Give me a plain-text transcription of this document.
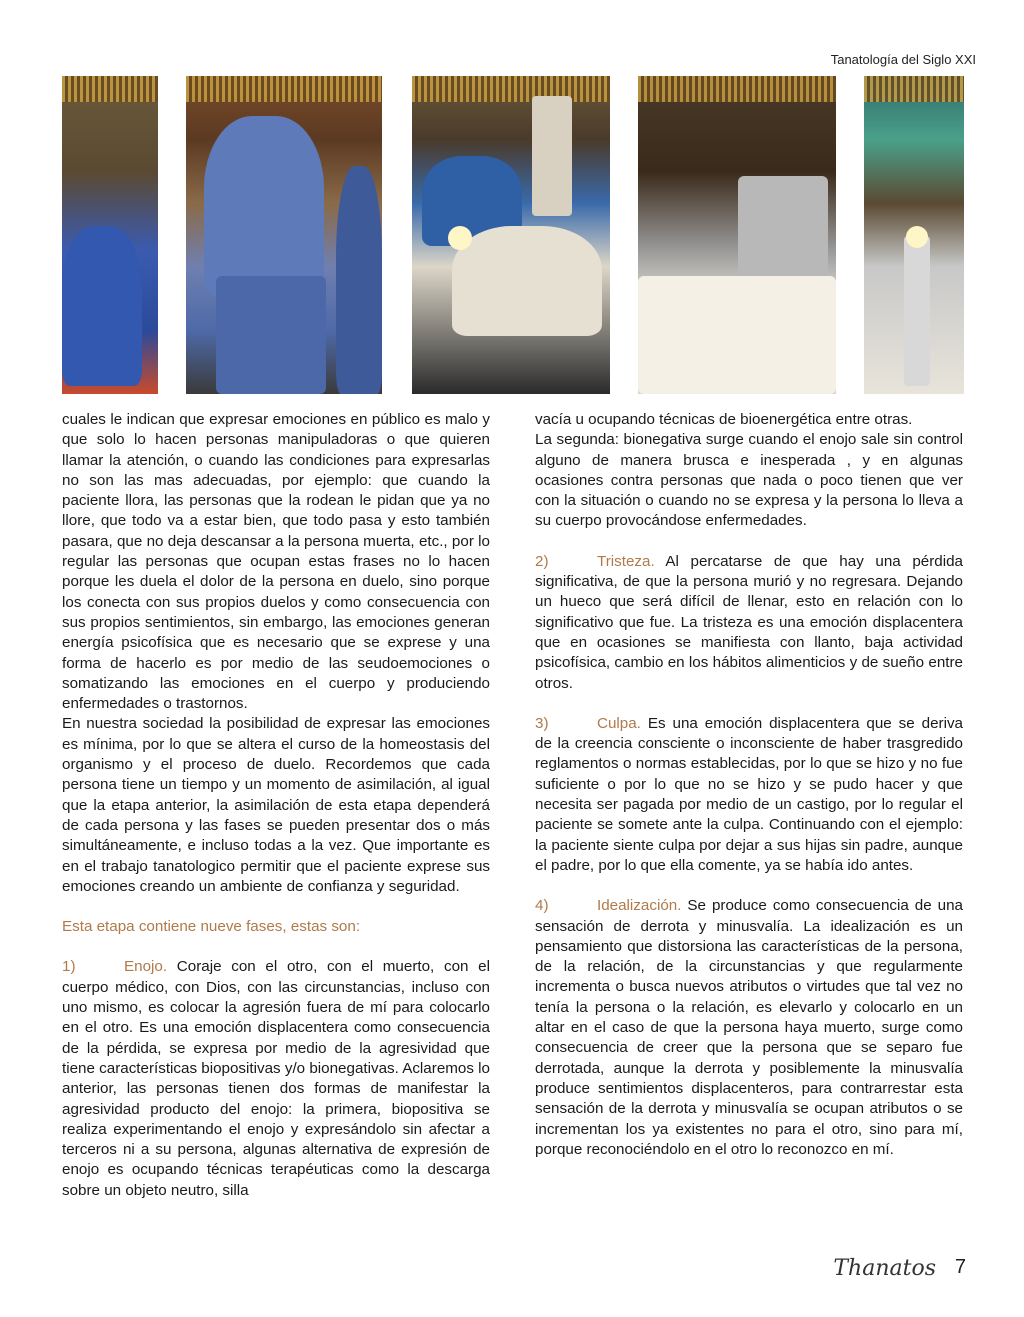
Tanatología del Siglo XXI

cuales le indican que expresar emociones en público es malo y que solo lo hacen personas manipuladoras o que quieren llamar la atención, o cuando las condiciones para expresarlas no son las mas adecuadas, por ejemplo: que cuando la paciente llora, las personas que la rodean le pidan que ya no llore, que todo va a estar bien, que todo pasa y esto también pasara, que no deja descansar a la persona muerta, etc., por lo regular las personas que ocupan estas frases no lo hacen porque les duela el dolor de la persona en duelo, sino porque los conecta con sus propios duelos y como consecuencia con sus propios sentimientos, sin embargo, las emociones generan energía psicofísica que es necesario que se exprese y una forma de hacerlo es por medio de las seudoemociones o somatizando las emociones en el cuerpo y produciendo enfermedades o trastornos.

En nuestra sociedad la posibilidad de expresar las emociones es mínima, por lo que se altera el curso de la homeostasis del organismo y el proceso de duelo. Recordemos que cada persona tiene un tiempo y un momento de asimilación, al igual que la etapa anterior, la asimilación de esta etapa dependerá de cada persona y las fases se pueden presentar dos o más simultáneamente, e incluso todas a la vez. Que importante es en el trabajo tanatologico permitir que el paciente exprese sus emociones creando un ambiente de confianza y seguridad.

Esta etapa contiene nueve fases, estas son:

1)	Enojo. Coraje con el otro, con el muerto, con el cuerpo médico, con Dios, con las circunstancias, incluso con uno mismo, es colocar la agresión fuera de mí para colocarlo en el otro. Es una emoción displacentera como consecuencia de la pérdida, se expresa por medio de la agresividad que tiene características biopositivas y/o bionegativas. Aclaremos lo anterior, las personas tienen dos formas de manifestar la agresividad producto del enojo: la primera, biopositiva se realiza experimentando el enojo y expresándolo sin afectar a terceros ni a su persona, algunas alternativa de expresión de enojo es ocupando técnicas terapéuticas como la descarga sobre un objeto neutro, silla

vacía u ocupando técnicas de bioenergética entre otras.

La segunda: bionegativa surge cuando el enojo sale sin control alguno de manera brusca e inesperada , y en algunas ocasiones contra personas que nada o poco tienen que ver con la situación o cuando no se expresa y la persona lo lleva a su cuerpo provocándose enfermedades.

2)	Tristeza. Al percatarse de que hay una pérdida significativa, de que la persona murió y no regresara. Dejando un hueco que será difícil de llenar, esto en relación con lo significativo que fue. La tristeza es una emoción displacentera que en ocasiones se manifiesta con llanto, baja actividad psicofísica, cambio en los hábitos alimenticios y de sueño entre otros.

3)	Culpa. Es una emoción displacentera que se deriva de la creencia consciente o inconsciente de haber trasgredido reglamentos o normas establecidas, por lo que se hizo y no fue suficiente o por lo que no se hizo y se pudo hacer y que necesita ser pagada por medio de un castigo, por lo regular el paciente se somete ante la culpa. Continuando con el ejemplo: la paciente siente culpa por dejar a sus hijas sin padre, aunque el padre, por lo que ella comente, ya se había ido antes.

4)	Idealización. Se produce como consecuencia de una sensación de derrota y minusvalía. La idealización es un pensamiento que distorsiona las características de la persona, de la relación, de la circunstancias y que regularmente incrementa o busca nuevos atributos o virtudes que tal vez no tenía la persona o la relación, es elevarlo y colocarlo en un altar en el caso de que la persona haya muerto, surge como consecuencia de creer que la persona que se separo fue derrotada, aunque la derrota y posiblemente la minusvalía produce sentimientos displacenteros, para contrarrestar esta sensación de la derrota y minusvalía se ocupan atributos o se incrementan los ya existentes no para el otro, sino para mí, porque reconociéndolo en el otro lo reconozco en mí.

Thanatos 7
